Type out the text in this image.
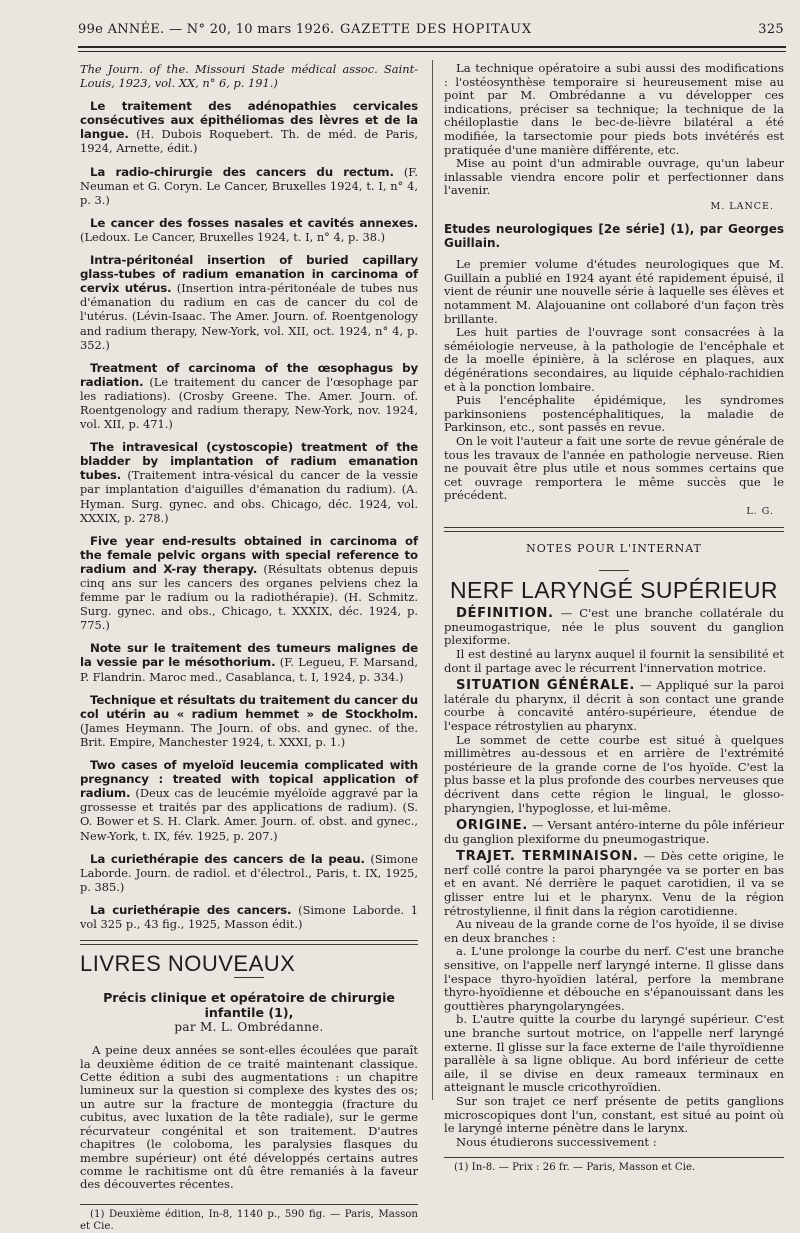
99e ANNÉE. — N° 20, 10 mars 1926. GAZETTE DES HOPITAUX	325

The Journ. of the. Missouri Stade médical assoc. Saint-Louis, 1923, vol. XX, n° 6, p. 191.)

Le traitement des adénopathies cervicales consécutives aux épithéliomas des lèvres et de la langue. (H. Dubois Roquebert. Th. de méd. de Paris, 1924, Arnette, édit.)

La radio-chirurgie des cancers du rectum. (F. Neuman et G. Coryn. Le Cancer, Bruxelles 1924, t. I, n° 4, p. 3.)

Le cancer des fosses nasales et cavités annexes. (Ledoux. Le Cancer, Bruxelles 1924, t. I, n° 4, p. 38.)

Intra-péritonéal insertion of buried capillary glass-tubes of radium emanation in carcinoma of cervix utérus. (Insertion intra-péritonéale de tubes nus d'émanation du radium en cas de cancer du col de l'utérus. (Lévin-Isaac. The Amer. Journ. of. Roentgenology and radium therapy, New-York, vol. XII, oct. 1924, n° 4, p. 352.)

Treatment of carcinoma of the œsophagus by radiation. (Le traitement du cancer de l'œsophage par les radiations). (Crosby Greene. The. Amer. Journ. of. Roentgenology and radium therapy, New-York, nov. 1924, vol. XII, p. 471.)

The intravesical (cystoscopie) treatment of the bladder by implantation of radium emanation tubes. (Traitement intra-vésical du cancer de la vessie par implantation d'aiguilles d'émanation du radium). (A. Hyman. Surg. gynec. and obs. Chicago, déc. 1924, vol. XXXIX, p. 278.)

Five year end-results obtained in carcinoma of the female pelvic organs with special reference to radium and X-ray therapy. (Résultats obtenus depuis cinq ans sur les cancers des organes pelviens chez la femme par le radium ou la radiothérapie). (H. Schmitz. Surg. gynec. and obs., Chicago, t. XXXIX, déc. 1924, p. 775.)

Note sur le traitement des tumeurs malignes de la vessie par le mésothorium. (F. Legueu, F. Marsand, P. Flandrin. Maroc med., Casablanca, t. I, 1924, p. 334.)

Technique et résultats du traitement du cancer du col utérin au « radium hemmet » de Stockholm. (James Heymann. The Journ. of obs. and gynec. of the. Brit. Empire, Manchester 1924, t. XXXI, p. 1.)

Two cases of myeloïd leucemia complicated with pregnancy : treated with topical application of radium. (Deux cas de leucémie myéloïde aggravé par la grossesse et traités par des applications de radium). (S. O. Bower et S. H. Clark. Amer. Journ. of. obst. and gynec., New-York, t. IX, fév. 1925, p. 207.)

La curiethérapie des cancers de la peau. (Simone Laborde. Journ. de radiol. et d'électrol., Paris, t. IX, 1925, p. 385.)

La curiethérapie des cancers. (Simone Laborde. 1 vol 325 p., 43 fig., 1925, Masson édit.)

LIVRES NOUVEAUX

Précis clinique et opératoire de chirurgie infantile (1),

par M. L. Ombrédanne.

A peine deux années se sont-elles écoulées que paraît la deuxième édition de ce traité maintenant classique. Cette édition a subi des augmentations : un chapitre lumineux sur la question si complexe des kystes des os; un autre sur la fracture de monteggia (fracture du cubitus, avec luxation de la tête radiale), sur le germe récurvateur congénital et son traitement. D'autres chapitres (le coloboma, les paralysies flasques du membre supérieur) ont été développés certains autres comme le rachitisme ont dû être remaniés à la faveur des découvertes récentes.

(1) Deuxième édition, In-8, 1140 p., 590 fig. — Paris, Masson et Cie.

La technique opératoire a subi aussi des modifications : l'ostéosynthèse temporaire si heureusement mise au point par M. Ombrédanne a vu développer ces indications, préciser sa technique; la technique de la chéiloplastie dans le bec-de-lièvre bilatéral a été modifiée, la tarsectomie pour pieds bots invétérés est pratiquée d'une manière différente, etc.

Mise au point d'un admirable ouvrage, qu'un labeur inlassable viendra encore polir et perfectionner dans l'avenir.

M. LANCE.

Etudes neurologiques [2e série] (1), par Georges Guillain.

Le premier volume d'études neurologiques que M. Guillain a publié en 1924 ayant été rapidement épuisé, il vient de réunir une nouvelle série à laquelle ses élèves et notamment M. Alajouanine ont collaboré d'un façon très brillante.

Les huit parties de l'ouvrage sont consacrées à la séméiologie nerveuse, à la pathologie de l'encéphale et de la moelle épinière, à la sclérose en plaques, aux dégénérations secondaires, au liquide céphalo-rachidien et à la ponction lombaire.

Puis l'encéphalite épidémique, les syndromes parkinsoniens postencéphalitiques, la maladie de Parkinson, etc., sont passés en revue.

On le voit l'auteur a fait une sorte de revue générale de tous les travaux de l'année en pathologie nerveuse. Rien ne pouvait être plus utile et nous sommes certains que cet ouvrage remportera le même succès que le précédent.

L. G.

NOTES POUR L'INTERNAT

NERF LARYNGÉ SUPÉRIEUR

DÉFINITION. — C'est une branche collatérale du pneumogastrique, née le plus souvent du ganglion plexiforme.

Il est destiné au larynx auquel il fournit la sensibilité et dont il partage avec le récurrent l'innervation motrice.

SITUATION GÉNÉRALE. — Appliqué sur la paroi latérale du pharynx, il décrit à son contact une grande courbe à concavité antéro-supérieure, étendue de l'espace rétrostylien au pharynx.

Le sommet de cette courbe est situé à quelques millimètres au-dessous et en arrière de l'extrémité postérieure de la grande corne de l'os hyoïde. C'est la plus basse et la plus profonde des courbes nerveuses que décrivent dans cette région le lingual, le glosso-pharyngien, l'hypoglosse, et lui-même.

ORIGINE. — Versant antéro-interne du pôle inférieur du ganglion plexiforme du pneumogastrique.

TRAJET. TERMINAISON. — Dès cette origine, le nerf collé contre la paroi pharyngée va se porter en bas et en avant. Né derrière le paquet carotidien, il va se glisser entre lui et le pharynx. Venu de la région rétrostylienne, il finit dans la région carotidienne.

Au niveau de la grande corne de l'os hyoïde, il se divise en deux branches :

a. L'une prolonge la courbe du nerf. C'est une branche sensitive, on l'appelle nerf laryngé interne. Il glisse dans l'espace thyro-hyoïdien latéral, perfore la membrane thyro-hyoïdienne et débouche en s'épanouissant dans les gouttières pharyngolaryngées.

b. L'autre quitte la courbe du laryngé supérieur. C'est une branche surtout motrice, on l'appelle nerf laryngé externe. Il glisse sur la face externe de l'aile thyroïdienne parallèle à sa ligne oblique. Au bord inférieur de cette aile, il se divise en deux rameaux terminaux en atteignant le muscle cricothyroïdien.

Sur son trajet ce nerf présente de petits ganglions microscopiques dont l'un, constant, est situé au point où le laryngé interne pénètre dans le larynx.

Nous étudierons successivement :

(1) In-8. — Prix : 26 fr. — Paris, Masson et Cie.
